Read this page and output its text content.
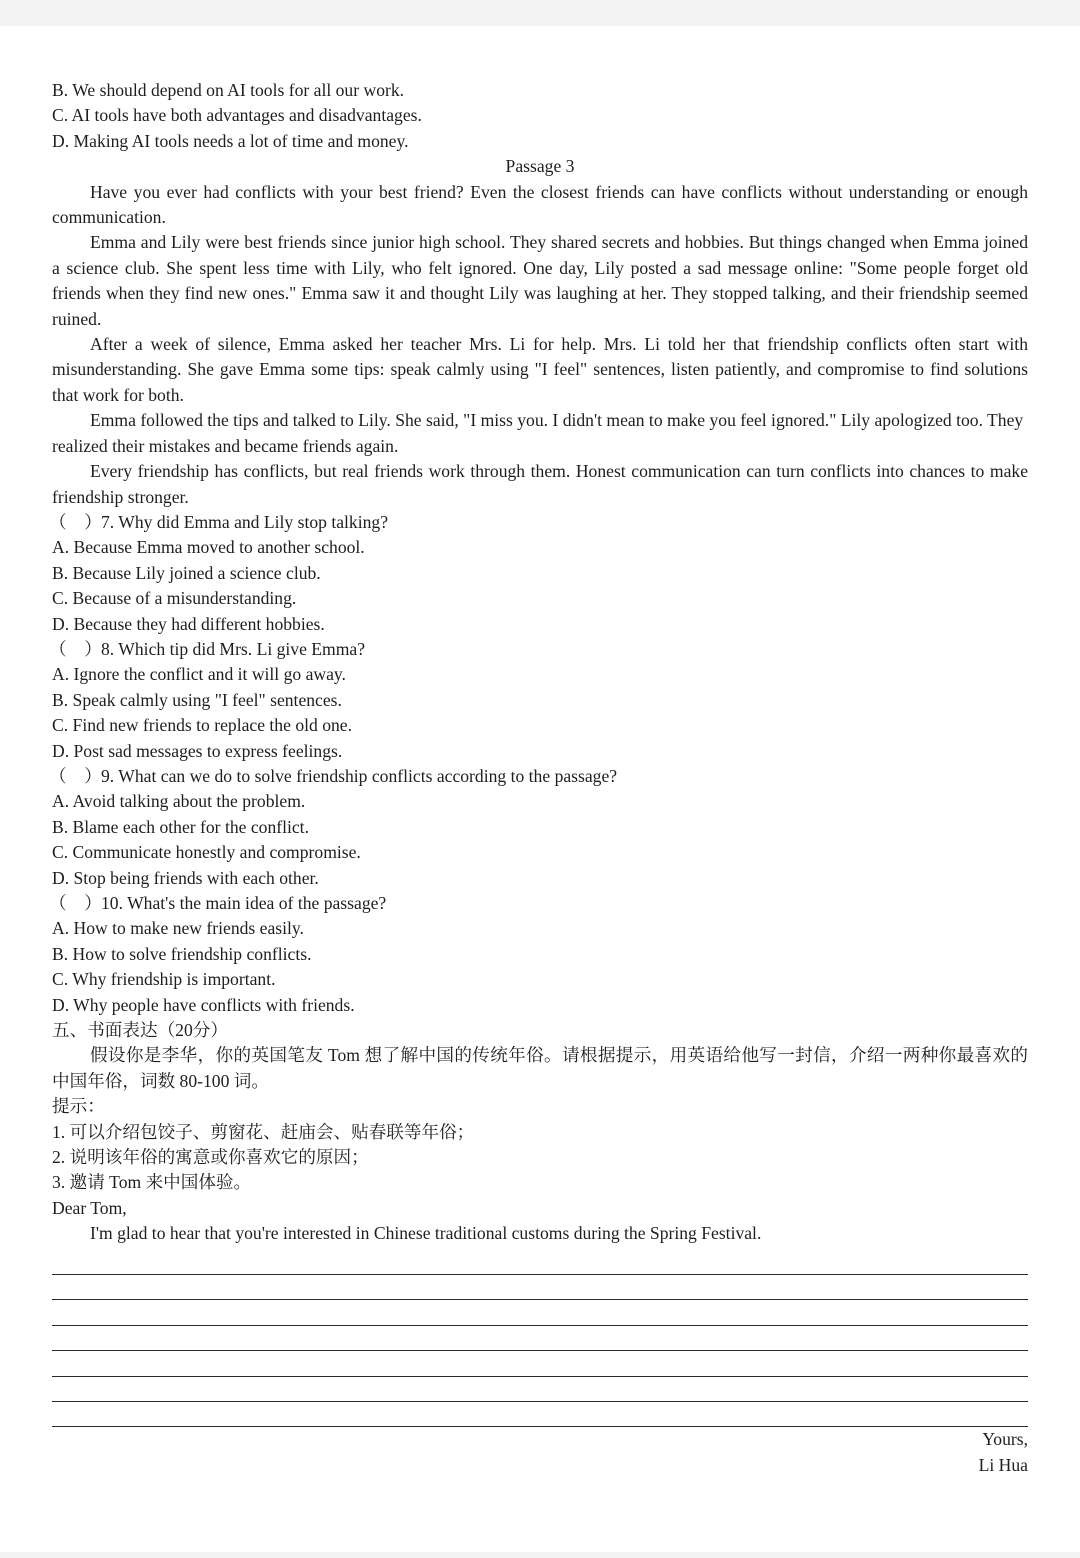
B. We should depend on AI tools for all our work.

C. AI tools have both advantages and disadvantages.

D. Making AI tools needs a lot of time and money.

Passage 3

Have you ever had conflicts with your best friend? Even the closest friends can have conflicts without understanding or enough communication.

Emma and Lily were best friends since junior high school. They shared secrets and hobbies. But things changed when Emma joined a science club. She spent less time with Lily, who felt ignored. One day, Lily posted a sad message online: "Some people forget old friends when they find new ones." Emma saw it and thought Lily was laughing at her. They stopped talking, and their friendship seemed ruined.

After a week of silence, Emma asked her teacher Mrs. Li for help. Mrs. Li told her that friendship conflicts often start with misunderstanding. She gave Emma some tips: speak calmly using "I feel" sentences, listen patiently, and compromise to find solutions that work for both.

Emma followed the tips and talked to Lily. She said, "I miss you. I didn't mean to make you feel ignored." Lily apologized too. They realized their mistakes and became friends again.

Every friendship has conflicts, but real friends work through them. Honest communication can turn conflicts into chances to make friendship stronger.

（　）7. Why did Emma and Lily stop talking?

A. Because Emma moved to another school.

B. Because Lily joined a science club.

C. Because of a misunderstanding.

D. Because they had different hobbies.

（　）8. Which tip did Mrs. Li give Emma?

A. Ignore the conflict and it will go away.

B. Speak calmly using "I feel" sentences.

C. Find new friends to replace the old one.

D. Post sad messages to express feelings.

（　）9. What can we do to solve friendship conflicts according to the passage?

A. Avoid talking about the problem.

B. Blame each other for the conflict.

C. Communicate honestly and compromise.

D. Stop being friends with each other.

（　）10. What's the main idea of the passage?

A. How to make new friends easily.

B. How to solve friendship conflicts.

C. Why friendship is important.

D. Why people have conflicts with friends.

五、书面表达（20分）

假设你是李华，你的英国笔友 Tom 想了解中国的传统年俗。请根据提示，用英语给他写一封信，介绍一两种你最喜欢的中国年俗，词数 80-100 词。

提示：

1. 可以介绍包饺子、剪窗花、赶庙会、贴春联等年俗；

2. 说明该年俗的寓意或你喜欢它的原因；

3. 邀请 Tom 来中国体验。

Dear Tom,

I'm glad to hear that you're interested in Chinese traditional customs during the Spring Festival.

Yours,

Li Hua
